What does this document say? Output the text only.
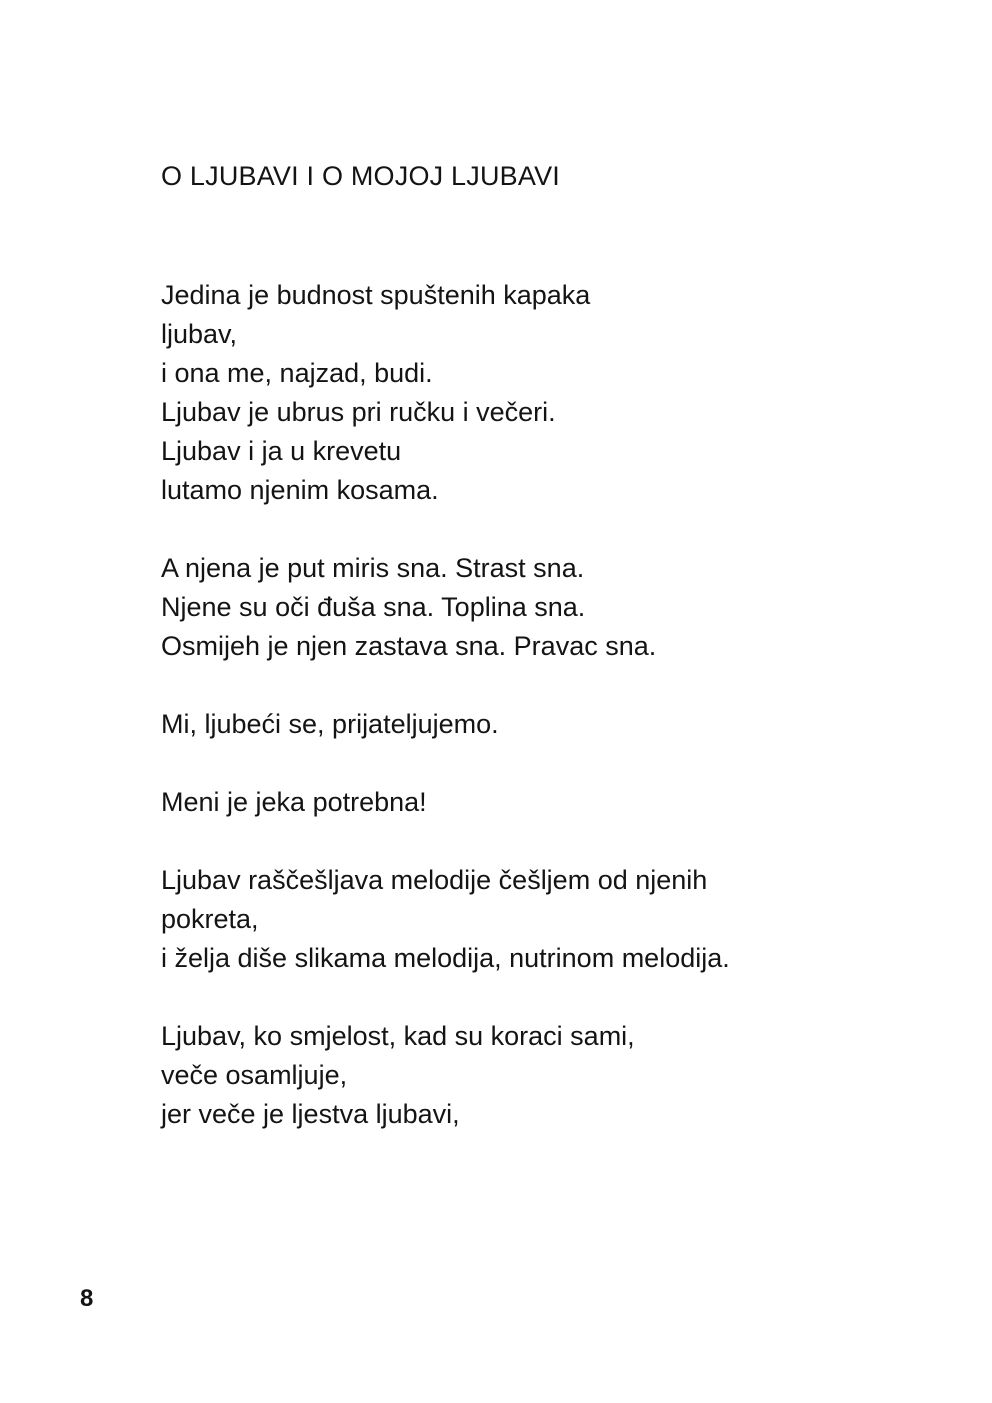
O LJUBAVI I O MOJOJ LJUBAVI
Jedina je budnost spuštenih kapaka
ljubav,
i ona me, najzad, budi.
Ljubav je ubrus pri ručku i večeri.
Ljubav i ja u krevetu
lutamo njenim kosama.
A njena je put miris sna. Strast sna.
Njene su oči đuša sna. Toplina sna.
Osmijeh je njen zastava sna. Pravac sna.
Mi, ljubeći se, prijateljujemo.
Meni je jeka potrebna!
Ljubav raščešljava melodije češljem od njenih
pokreta,
i želja diše slikama melodija, nutrinom melodija.
Ljubav, ko smjelost, kad su koraci sami,
veče osamljuje,
jer veče je ljestva ljubavi,

8
